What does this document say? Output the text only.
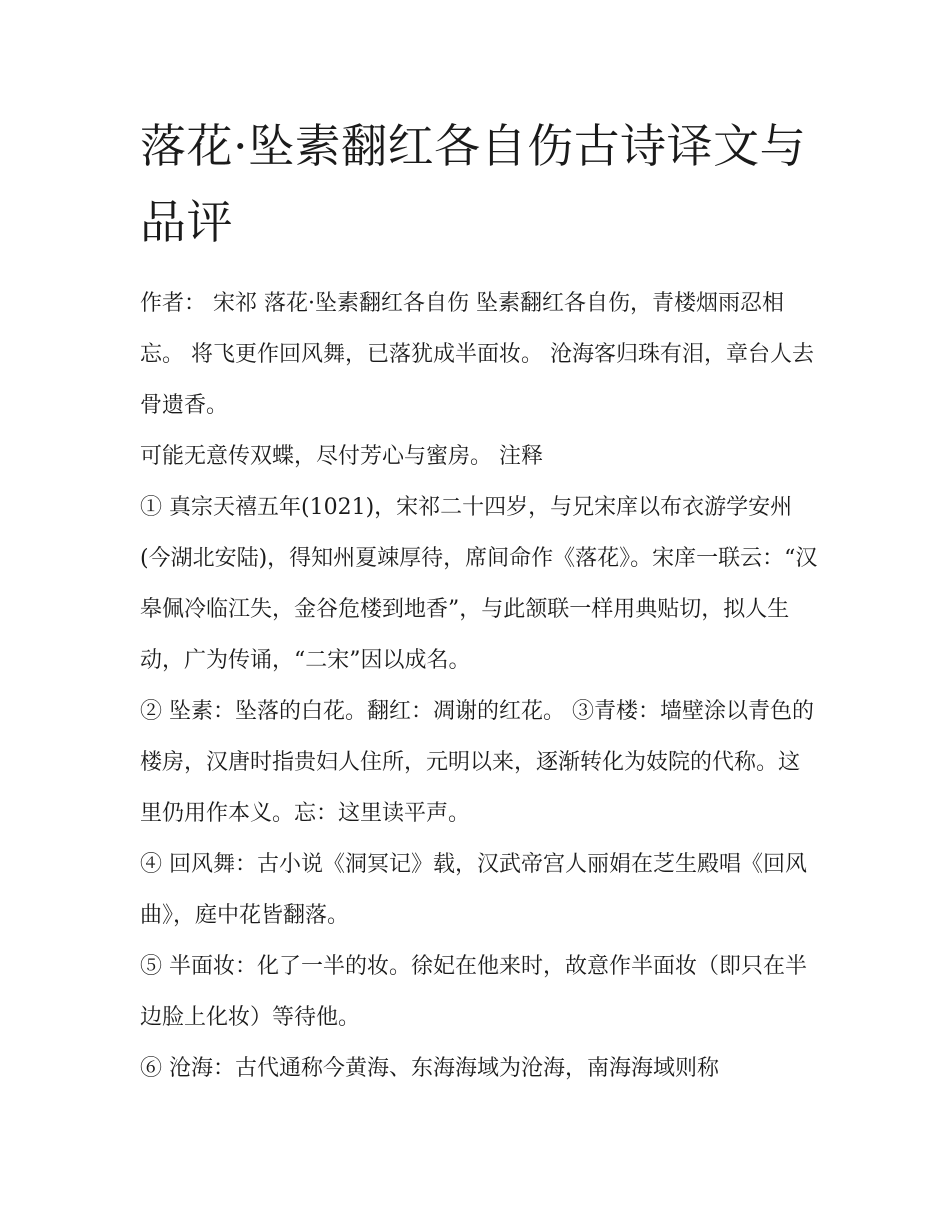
落花·坠素翻红各自伤古诗译文与品评

作者： 宋祁 落花·坠素翻红各自伤 坠素翻红各自伤，青楼烟雨忍相忘。 将飞更作回风舞，已落犹成半面妆。 沧海客归珠有泪，章台人去骨遗香。

可能无意传双蝶，尽付芳心与蜜房。 注释

① 真宗天禧五年(1021)，宋祁二十四岁，与兄宋庠以布衣游学安州(今湖北安陆)，得知州夏竦厚待，席间命作《落花》。宋庠一联云：“汉皋佩冷临江失，金谷危楼到地香”，与此颔联一样用典贴切，拟人生动，广为传诵，“二宋”因以成名。

② 坠素：坠落的白花。翻红：凋谢的红花。 ③青楼：墙壁涂以青色的楼房，汉唐时指贵妇人住所，元明以来，逐渐转化为妓院的代称。这里仍用作本义。忘：这里读平声。

④ 回风舞：古小说《洞冥记》载，汉武帝宫人丽娟在芝生殿唱《回风曲》，庭中花皆翻落。

⑤ 半面妆：化了一半的妆。徐妃在他来时，故意作半面妆（即只在半边脸上化妆）等待他。

⑥ 沧海：古代通称今黄海、东海海域为沧海，南海海域则称
